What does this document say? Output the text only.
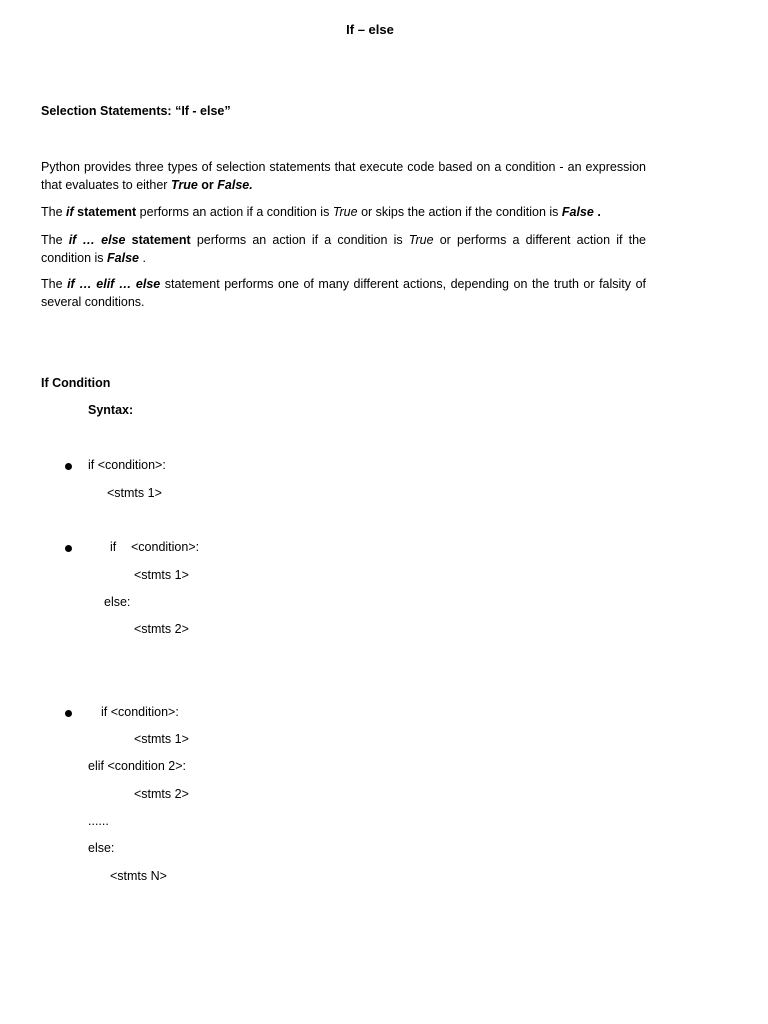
If – else
Selection Statements: “If - else”
Python provides three types of selection statements that execute code based on a condition - an expression that evaluates to either True or False.
The if statement performs an action if a condition is True or skips the action if the condition is False .
The if … else statement performs an action if a condition is True or performs a different action if the condition is False .
The if … elif … else statement performs one of many different actions, depending on the truth or falsity of several conditions.
If Condition
Syntax:
if <condition>:
<stmts 1>
if <condition>:
<stmts 1>
else:
<stmts 2>
if <condition>:
<stmts 1>
elif <condition 2>:
<stmts 2>
......
else:
<stmts N>
